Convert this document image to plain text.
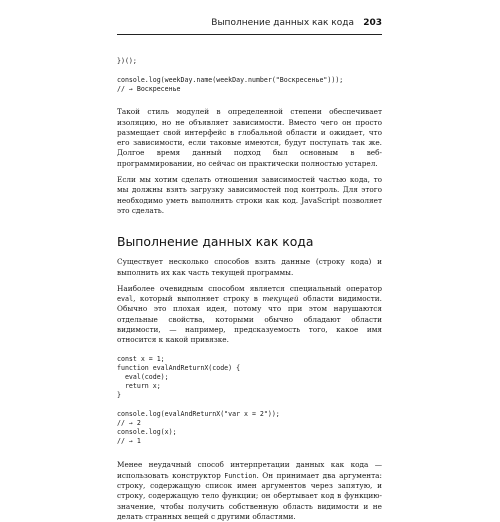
Выполнение данных как кода 203
})();
console.log(weekDay.name(weekDay.number("Воскресенье")));
// → Воскресенье

Такой стиль модулей в определенной степени обеспечивает изоляцию, но не объявляет зависимости. Вместо чего он просто размещает свой интерфейс в глобальной области и ожидает, что его зависимости, если таковые имеются, будут поступать так же. Долгое время данный подход был основным в веб-программировании, но сейчас он практически полностью устарел.

Если мы хотим сделать отношения зависимостей частью кода, то мы должны взять загрузку зависимостей под контроль. Для этого необходимо уметь выполнять строки как код. JavaScript позволяет это сделать.

Выполнение данных как кода

Существует несколько способов взять данные (строку кода) и выполнить их как часть текущей программы.

Наиболее очевидным способом является специальный оператор eval, который выполняет строку в текущей области видимости. Обычно это плохая идея, потому что при этом нарушаются отдельные свойства, которыми обычно обладают области видимости, — например, предсказуемость того, какое имя относится к какой привязке.

const x = 1;
function evalAndReturnX(code) {
eval(code);
return x;
}
console.log(evalAndReturnX("var x = 2"));
// → 2
console.log(x);
// → 1

Менее неудачный способ интерпретации данных как кода — использовать конструктор Function. Он принимает два аргумента: строку, содержащую список имен аргументов через запятую, и строку, содержащую тело функции; он обертывает код в функцию-значение, чтобы получить собственную область видимости и не делать странных вещей с другими областями.
